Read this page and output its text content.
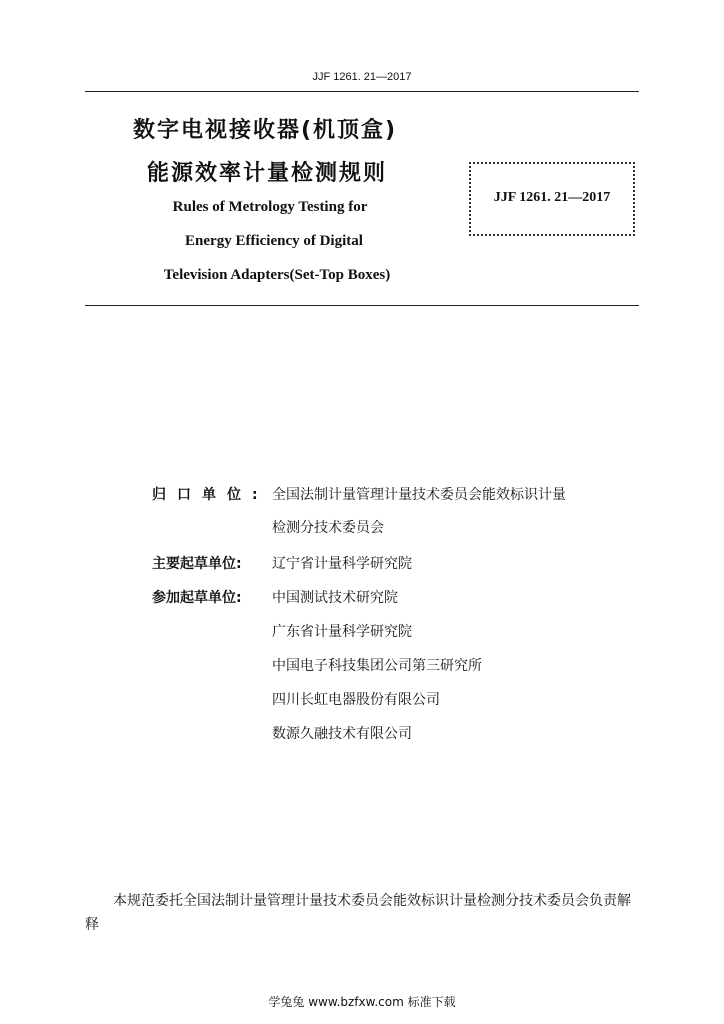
JJF 1261. 21—2017
数字电视接收器(机顶盒)
能源效率计量检测规则
Rules of Metrology Testing for
Energy Efficiency of Digital
Television Adapters(Set-Top Boxes)
JJF 1261. 21—2017
归口单位: 全国法制计量管理计量技术委员会能效标识计量
检测分技术委员会
主要起草单位:	辽宁省计量科学研究院
参加起草单位:	中国测试技术研究院
广东省计量科学研究院
中国电子科技集团公司第三研究所
四川长虹电器股份有限公司
数源久融技术有限公司
本规范委托全国法制计量管理计量技术委员会能效标识计量检测分技术委员会负责解释
学兔兔 www.bzfxw.com 标准下载
